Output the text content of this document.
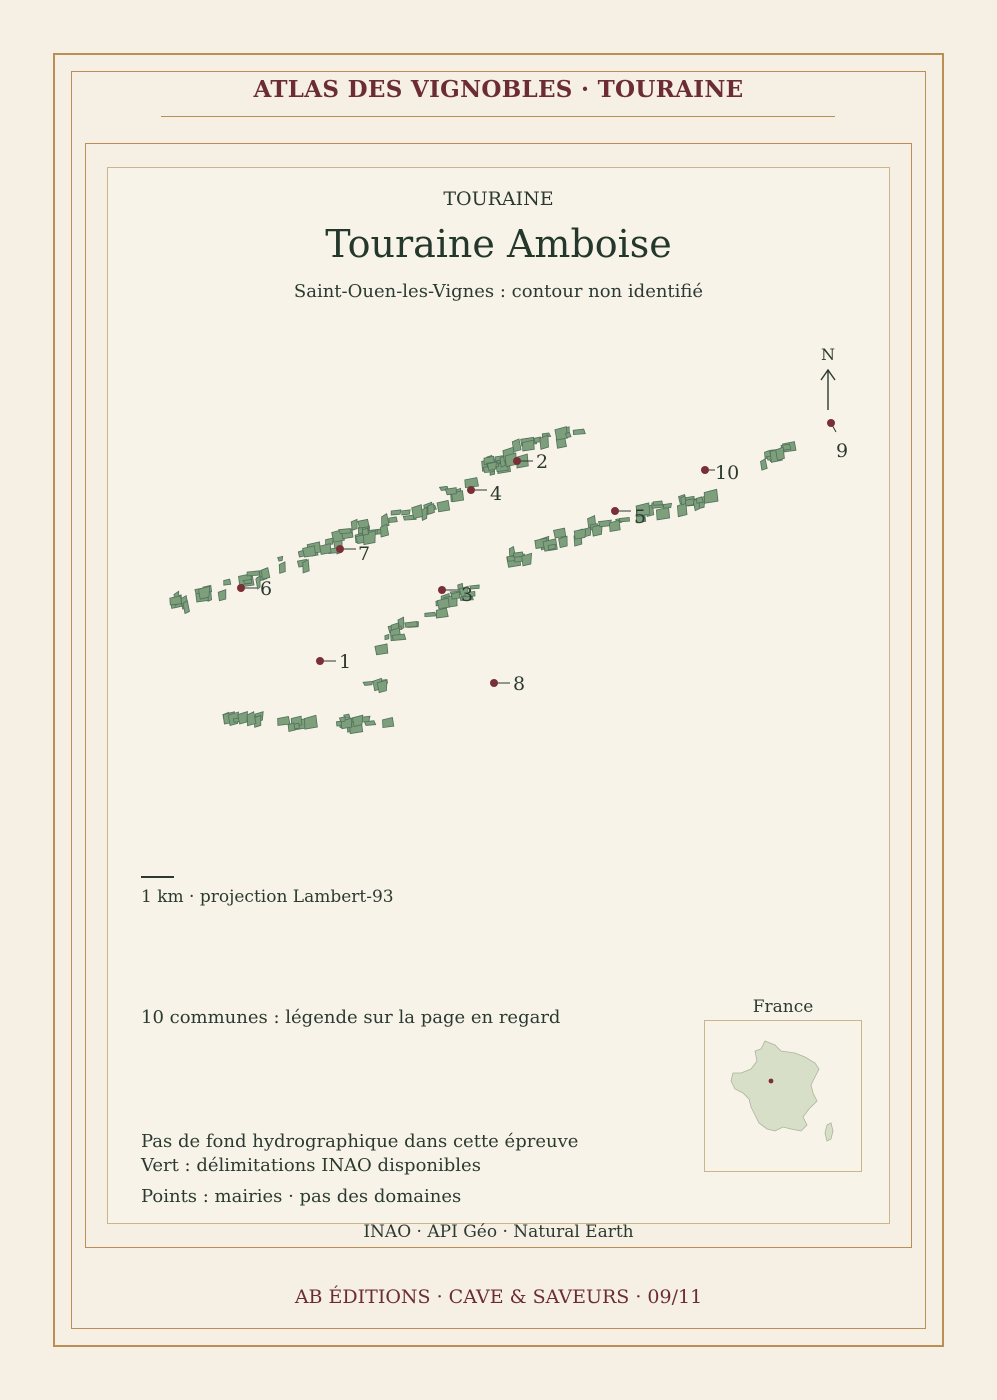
ATLAS DES VIGNOBLES · TOURAINE
TOURAINE
Touraine Amboise
Saint-Ouen-les-Vignes : contour non identifié
N
1
2
3
4
5
6
7
8
9
10
1 km · projection Lambert-93
10 communes : légende sur la page en regard
Pas de fond hydrographique dans cette épreuve
Vert : délimitations INAO disponibles
Points : mairies · pas des domaines
France
INAO · API Géo · Natural Earth
AB ÉDITIONS · CAVE & SAVEURS · 09/11
